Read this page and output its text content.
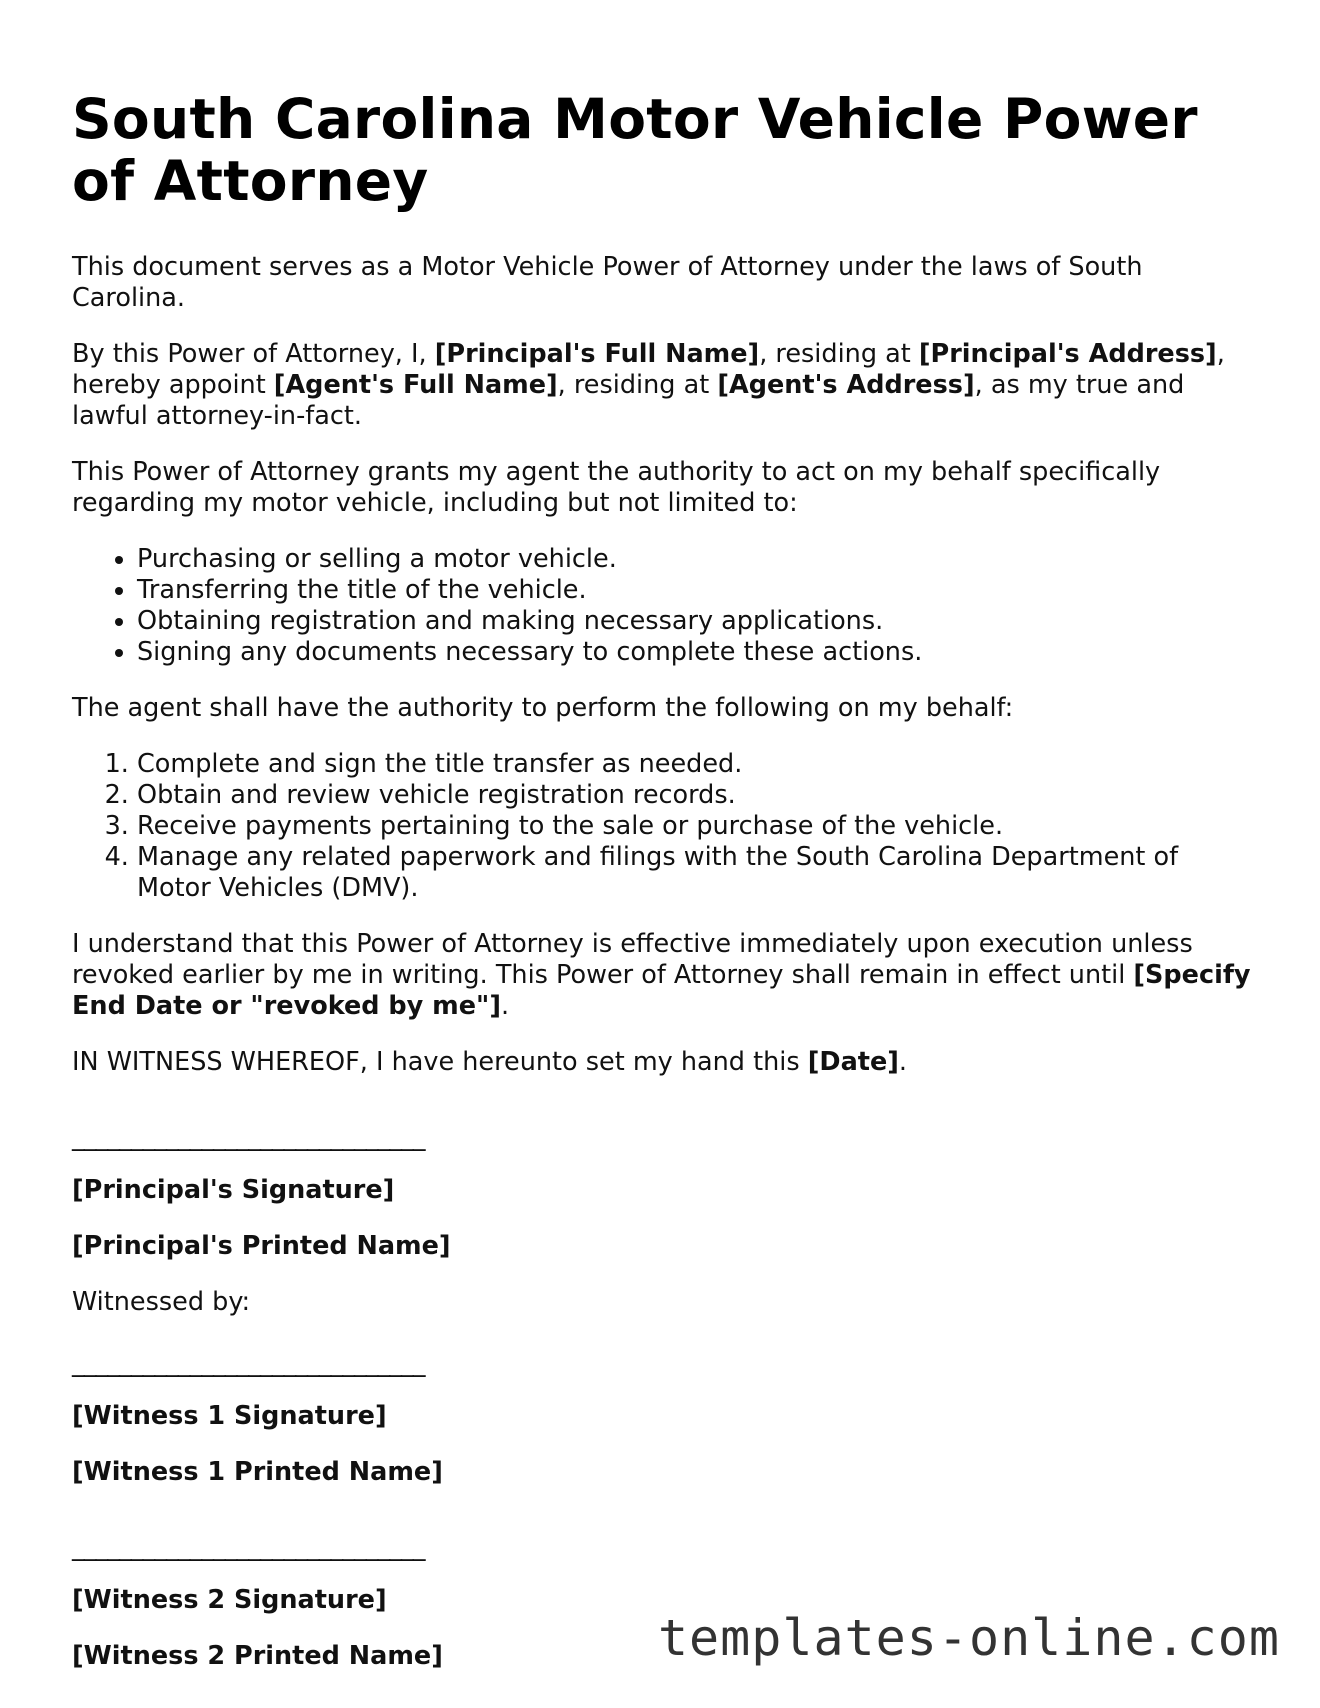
South Carolina Motor Vehicle Power of Attorney

This document serves as a Motor Vehicle Power of Attorney under the laws of South Carolina.

By this Power of Attorney, I, [Principal's Full Name], residing at [Principal's Address], hereby appoint [Agent's Full Name], residing at [Agent's Address], as my true and lawful attorney-in-fact.

This Power of Attorney grants my agent the authority to act on my behalf specifically regarding my motor vehicle, including but not limited to:

• Purchasing or selling a motor vehicle.
• Transferring the title of the vehicle.
• Obtaining registration and making necessary applications.
• Signing any documents necessary to complete these actions.

The agent shall have the authority to perform the following on my behalf:

1. Complete and sign the title transfer as needed.
2. Obtain and review vehicle registration records.
3. Receive payments pertaining to the sale or purchase of the vehicle.
4. Manage any related paperwork and filings with the South Carolina Department of Motor Vehicles (DMV).

I understand that this Power of Attorney is effective immediately upon execution unless revoked earlier by me in writing. This Power of Attorney shall remain in effect until [Specify End Date or "revoked by me"].

IN WITNESS WHEREOF, I have hereunto set my hand this [Date].

______________________________
[Principal's Signature]
[Principal's Printed Name]

Witnessed by:

______________________________
[Witness 1 Signature]
[Witness 1 Printed Name]
______________________________
[Witness 2 Signature]
[Witness 2 Printed Name]	templates-online.com
